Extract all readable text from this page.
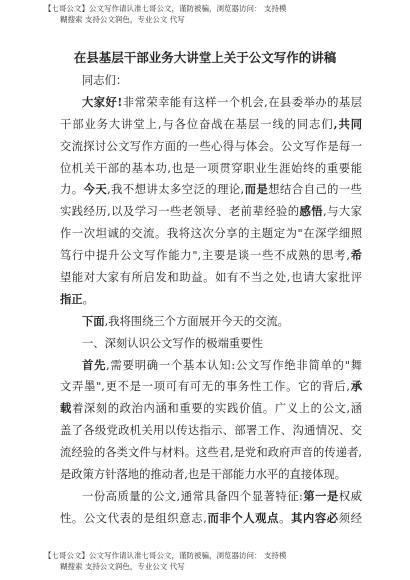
【七哥公文】公文写作请认准七哥公文，谨防被骗，浏览器访问： 支持模
糊搜索 支持公文润色，专业公文 代写
在县基层干部业务大讲堂上关于公文写作的讲稿
同志们：
大家好!非常荣幸能有这样一个机会,在县委举办的基层
干部业务大讲堂上,与各位奋战在基层一线的同志们,共同
交流探讨公文写作方面的一些心得与体会。公文写作是每一
位机关干部的基本功,也是一项贯穿职业生涯始终的重要能
力。今天,我不想讲太多空泛的理论,而是想结合自己的一些
实践经历,以及学习一些老领导、老前辈经验的感悟,与大家
作一次坦诚的交流。我将这次分享的主题定为"在深学细照
笃行中提升公文写作能力",主要是谈一些不成熟的思考,希
望能对大家有所启发和助益。如有不当之处,也请大家批评
指正。
下面,我将围绕三个方面展开今天的交流。
一、深刻认识公文写作的极端重要性
首先,需要明确一个基本认知:公文写作绝非简单的"舞
文弄墨",更不是一项可有可无的事务性工作。它的背后,承
载着深刻的政治内涵和重要的实践价值。广义上的公文,涵
盖了各级党政机关用以传达指示、部署工作、沟通情况、交
流经验的各类文件与材料。这些君,是党和政府声音的传递者,
是政策方针落地的推动者,也是干部能力水平的直接体现。
一份高质量的公文,通常具备四个显著特征:第一是权威
性。公文代表的是组织意志,而非个人观点。其内容必须经
【七哥公文】公文写作请认准七哥公文，谨防被骗，浏览器访问： 支持模
糊搜索 支持公文润色，专业公文 代写
